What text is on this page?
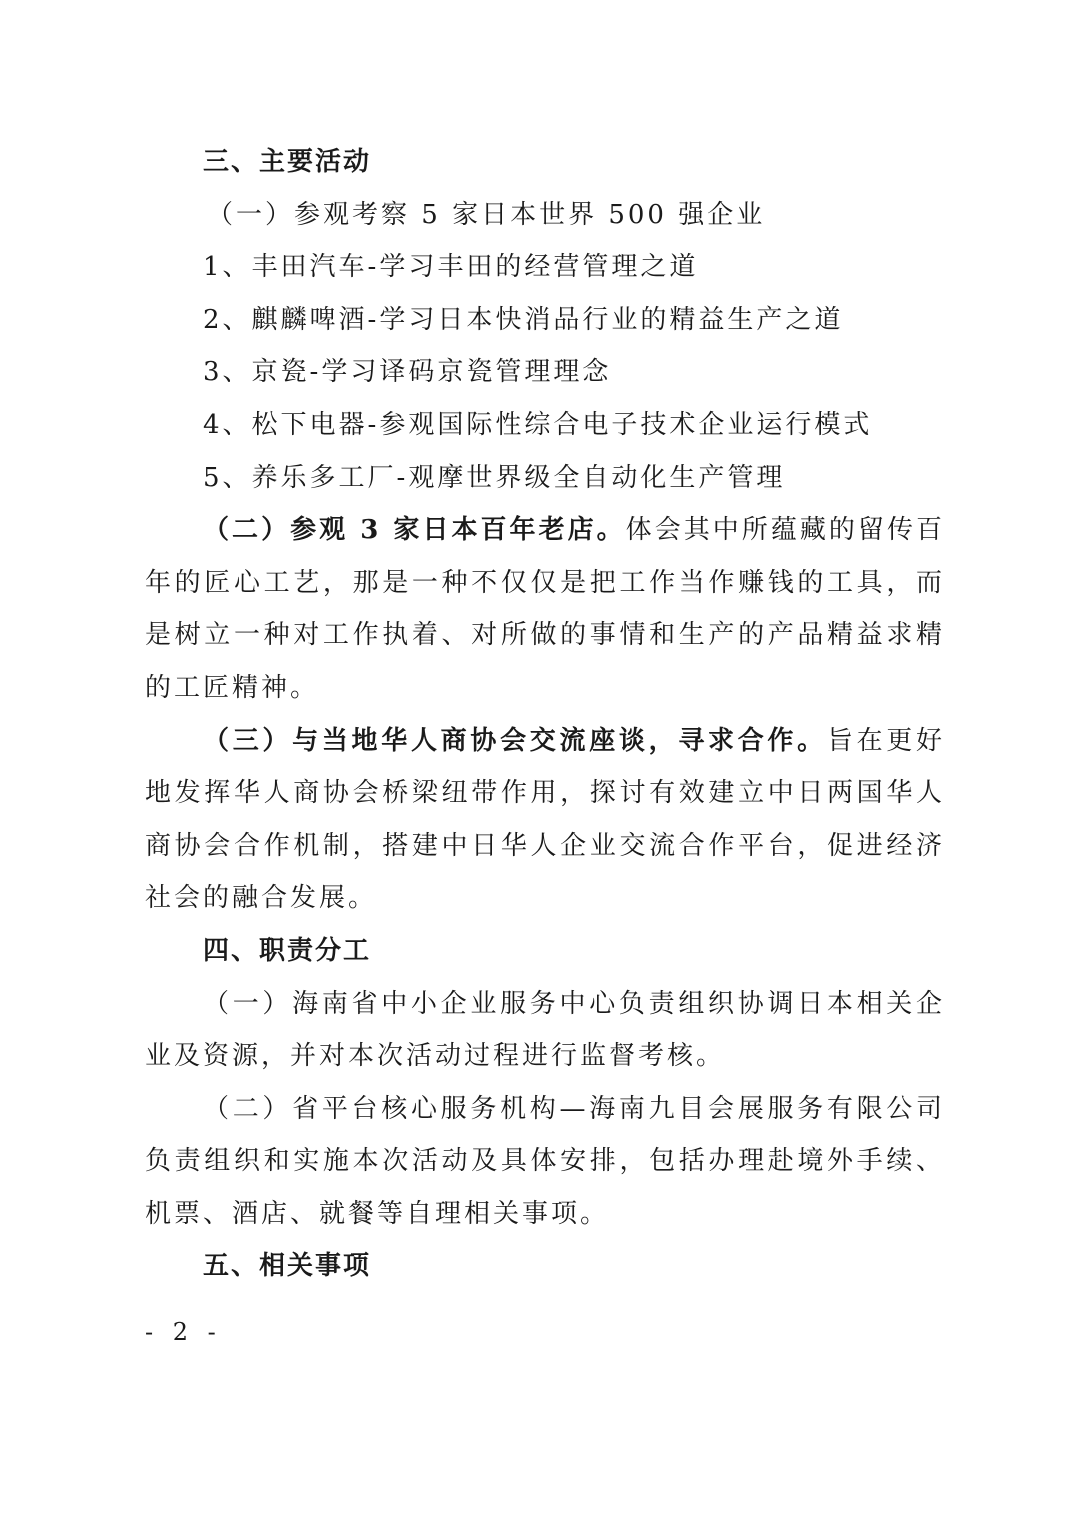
三、主要活动

（一）参观考察 5 家日本世界 500 强企业

1、丰田汽车-学习丰田的经营管理之道

2、麒麟啤酒-学习日本快消品行业的精益生产之道

3、京瓷-学习译码京瓷管理理念

4、松下电器-参观国际性综合电子技术企业运行模式

5、养乐多工厂-观摩世界级全自动化生产管理

（二）参观 3 家日本百年老店。体会其中所蕴藏的留传百年的匠心工艺，那是一种不仅仅是把工作当作赚钱的工具，而是树立一种对工作执着、对所做的事情和生产的产品精益求精的工匠精神。

（三）与当地华人商协会交流座谈，寻求合作。旨在更好地发挥华人商协会桥梁纽带作用，探讨有效建立中日两国华人商协会合作机制，搭建中日华人企业交流合作平台，促进经济社会的融合发展。

四、职责分工

（一）海南省中小企业服务中心负责组织协调日本相关企业及资源，并对本次活动过程进行监督考核。

（二）省平台核心服务机构—海南九目会展服务有限公司负责组织和实施本次活动及具体安排，包括办理赴境外手续、机票、酒店、就餐等自理相关事项。

五、相关事项

- 2 -
